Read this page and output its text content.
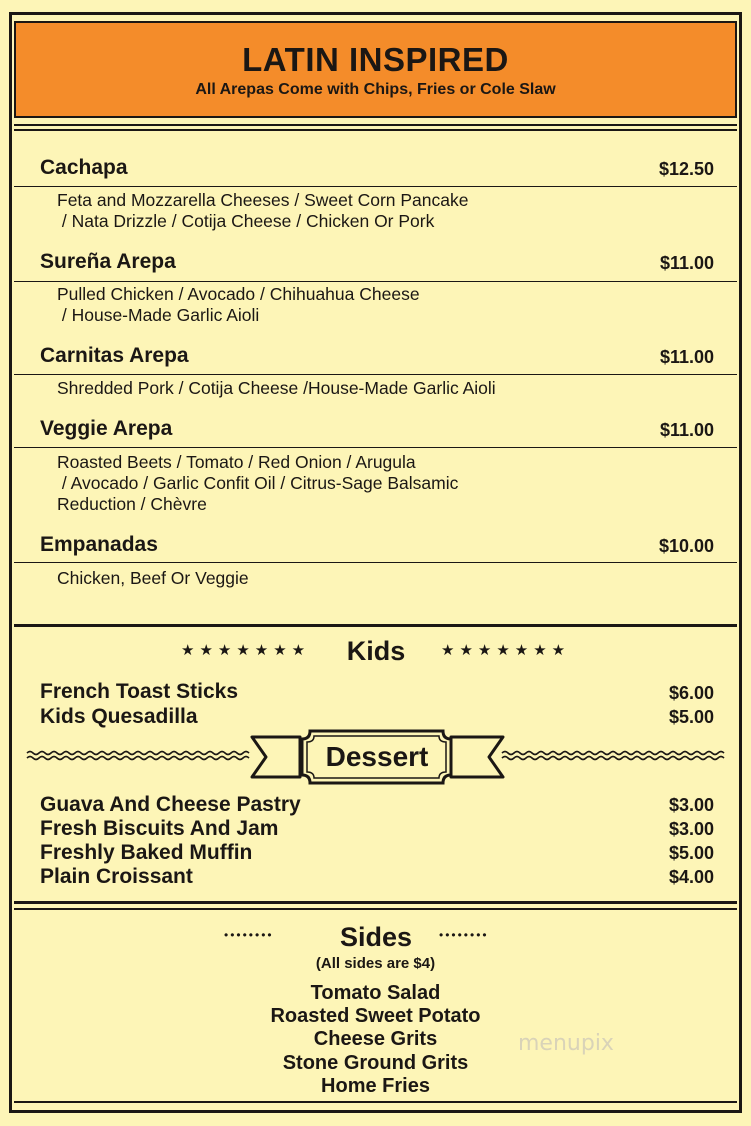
LATIN INSPIRED
All Arepas Come with Chips, Fries or Cole Slaw
Cachapa	$12.50
Feta and Mozzarella Cheeses / Sweet Corn Pancake
/ Nata Drizzle / Cotija Cheese / Chicken Or Pork
Sureña Arepa	$11.00
Pulled Chicken / Avocado / Chihuahua Cheese
/ House-Made Garlic Aioli
Carnitas Arepa	$11.00
Shredded Pork / Cotija Cheese /House-Made Garlic Aioli
Veggie Arepa	$11.00
Roasted Beets / Tomato / Red Onion / Arugula
/ Avocado / Garlic Confit Oil / Citrus-Sage Balsamic
Reduction / Chèvre
Empanadas	$10.00
Chicken, Beef Or Veggie
★★★★★★★	Kids	★★★★★★★
French Toast Sticks	$6.00
Kids Quesadilla	$5.00
Dessert
Guava And Cheese Pastry	$3.00
Fresh Biscuits And Jam	$3.00
Freshly Baked Muffin	$5.00
Plain Croissant	$4.00
••••••••	Sides	••••••••
(All sides are $4)
Tomato Salad
Roasted Sweet Potato
Cheese Grits
Stone Ground Grits
Home Fries
menupix
